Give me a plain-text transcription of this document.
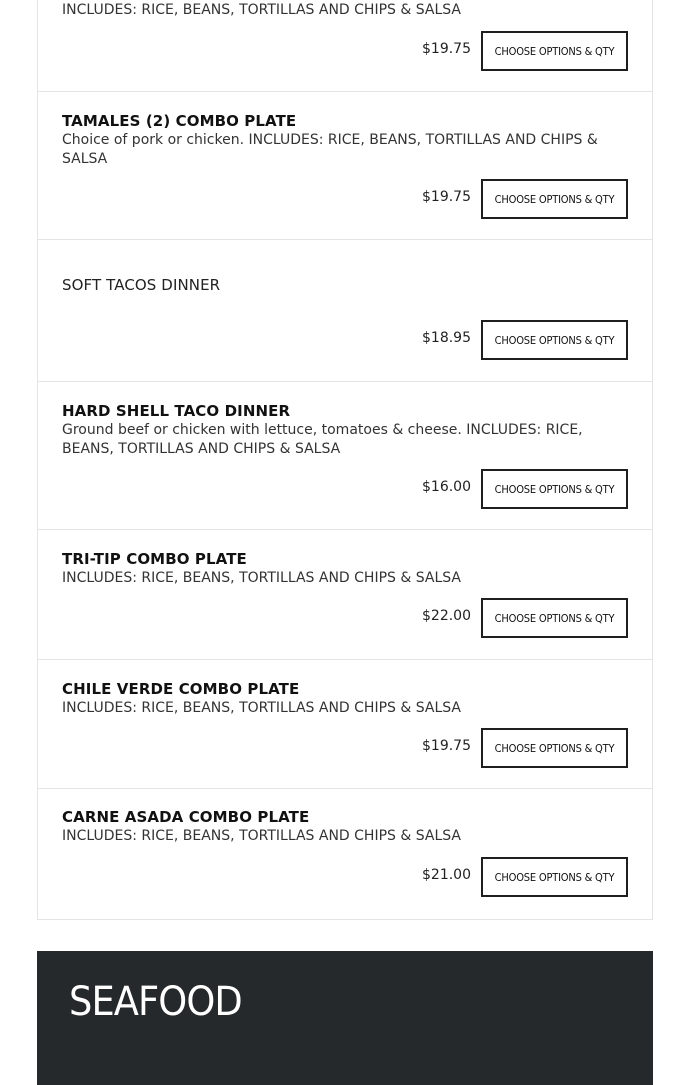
INCLUDES: RICE, BEANS, TORTILLAS AND CHIPS & SALSA
$19.75	CHOOSE OPTIONS & QTY
TAMALES (2) COMBO PLATE
Choice of pork or chicken. INCLUDES: RICE, BEANS, TORTILLAS AND CHIPS & SALSA
$19.75	CHOOSE OPTIONS & QTY
SOFT TACOS DINNER
$18.95	CHOOSE OPTIONS & QTY
HARD SHELL TACO DINNER
Ground beef or chicken with lettuce, tomatoes & cheese. INCLUDES: RICE, BEANS, TORTILLAS AND CHIPS & SALSA
$16.00	CHOOSE OPTIONS & QTY
TRI-TIP COMBO PLATE
INCLUDES: RICE, BEANS, TORTILLAS AND CHIPS & SALSA
$22.00	CHOOSE OPTIONS & QTY
CHILE VERDE COMBO PLATE
INCLUDES: RICE, BEANS, TORTILLAS AND CHIPS & SALSA
$19.75	CHOOSE OPTIONS & QTY
CARNE ASADA COMBO PLATE
INCLUDES: RICE, BEANS, TORTILLAS AND CHIPS & SALSA
$21.00	CHOOSE OPTIONS & QTY
SEAFOOD
